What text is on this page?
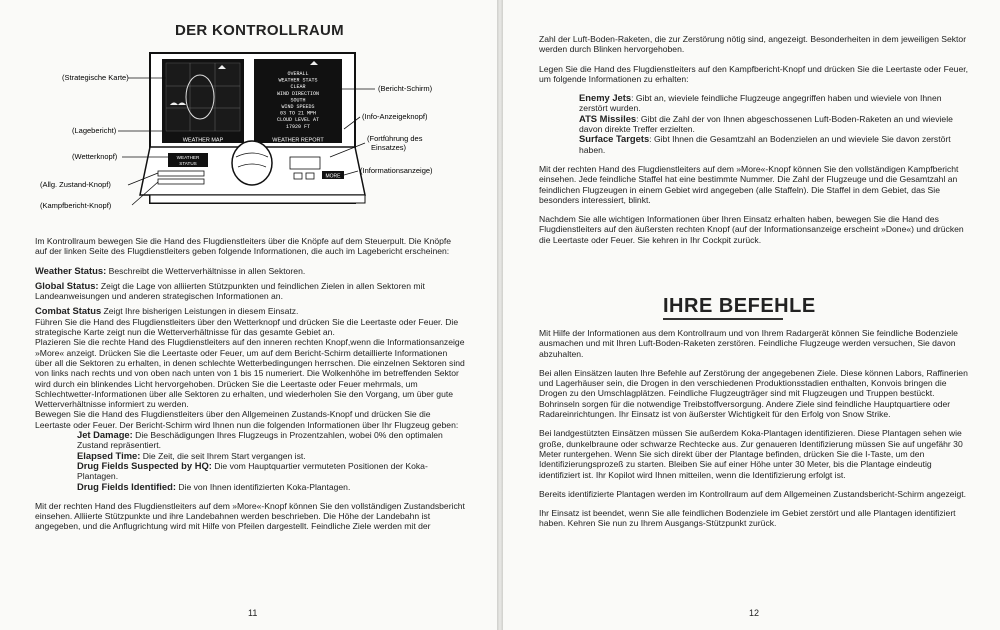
DER KONTROLLRAUM
WEATHER MAP
OVERALL
WEATHER STATS
CLEAR
WIND DIRECTION
SOUTH
WIND SPEEDS
03 TO 21 MPH
CLOUD LEVEL AT
17920 FT
WEATHER REPORT
WEATHER
STATUS
MORE
(Strategische Karte)
(Lagebericht)
(Wetterknopf)
(Allg. Zustand-Knopf)
(Kampfbericht-Knopf)
(Bericht-Schirm)
(Info-Anzeigeknopf)
(Fortführung des
Einsatzes)
(Informationsanzeige)

Im Kontrollraum bewegen Sie die Hand des Flugdienstleiters über die Knöpfe auf dem Steuerpult. Die Knöpfe auf der linken Seite des Flugdienstleiters geben folgende Informationen, die auch im Lagebericht erscheinen:

Weather Status: Beschreibt die Wetterverhältnisse in allen Sektoren.

Global Status: Zeigt die Lage von alliierten Stützpunkten und feindlichen Zielen in allen Sektoren mit Landeanweisungen und anderen strategischen Informationen an.

Combat Status Zeigt Ihre bisherigen Leistungen in diesem Einsatz.

Führen Sie die Hand des Flugdienstleiters über den Wetterknopf und drücken Sie die Leertaste oder Feuer. Die strategische Karte zeigt nun die Wetterverhältnisse für das gesamte Gebiet an.

Plazieren Sie die rechte Hand des Flugdienstleiters auf den inneren rechten Knopf,wenn die Informationsanzeige »More« anzeigt. Drücken Sie die Leertaste oder Feuer, um auf dem Bericht-Schirm detaillierte Informationen über all die Sektoren zu erhalten, in denen schlechte Wetterbedingungen herrschen. Die einzelnen Sektoren sind von links nach rechts und von oben nach unten von 1 bis 15 numeriert. Die Wolkenhöhe im betreffenden Sektor wird durch ein blinkendes Licht hervorgehoben. Drücken Sie die Leertaste oder Feuer mehrmals, um Schlechtwetter-Informationen über alle Sektoren zu erhalten, und wiederholen Sie den Vorgang, um über gute Wetterverhältnisse informiert zu werden.

Bewegen Sie die Hand des Flugdienstleiters über den Allgemeinen Zustands-Knopf und drücken Sie die Leertaste oder Feuer. Der Bericht-Schirm wird Ihnen nun die folgenden Informationen über Ihr Flugzeug geben:

Jet Damage: Die Beschädigungen Ihres Flugzeugs in Prozentzahlen, wobei 0% den optimalen Zustand repräsentiert.

Elapsed Time: Die Zeit, die seit Ihrem Start vergangen ist.

Drug Fields Suspected by HQ: Die vom Hauptquartier vermuteten Positionen der Koka-Plantagen.

Drug Fields Identified: Die von Ihnen identifizierten Koka-Plantagen.

Mit der rechten Hand des Flugdienstleiters auf dem »More«-Knopf können Sie den vollständigen Zustandsbericht einsehen. Alliierte Stützpunkte und ihre Landebahnen werden beschrieben. Die Höhe der Landebahn ist angegeben, und die Anflugrichtung wird mit Hilfe von Pfeilen dargestellt. Feindliche Ziele werden mit der

11

Zahl der Luft-Boden-Raketen, die zur Zerstörung nötig sind, angezeigt. Besonderheiten in dem jeweiligen Sektor werden durch Blinken hervorgehoben.

Legen Sie die Hand des Flugdienstleiters auf den Kampfbericht-Knopf und drücken Sie die Leertaste oder Feuer, um folgende Informationen zu erhalten:

Enemy Jets: Gibt an, wieviele feindliche Flugzeuge angegriffen haben und wieviele von Ihnen zerstört wurden.

ATS Missiles: Gibt die Zahl der von Ihnen abgeschossenen Luft-Boden-Raketen an und wieviele davon direkte Treffer erzielten.

Surface Targets: Gibt Ihnen die Gesamtzahl an Bodenzielen an und wieviele Sie davon zerstört haben.

Mit der rechten Hand des Flugdienstleiters auf dem »More«-Knopf können Sie den vollständigen Kampfbericht einsehen. Jede feindliche Staffel hat eine bestimmte Nummer. Die Zahl der Flugzeuge und die Gesamtzahl an feindlichen Flugzeugen in einem Gebiet wird angegeben (alle Staffeln). Die Staffel in dem Gebiet, das Sie besonders interessiert, blinkt.

Nachdem Sie alle wichtigen Informationen über Ihren Einsatz erhalten haben, bewegen Sie die Hand des Flugdienstleiters auf den äußersten rechten Knopf (auf der Informationsanzeige erscheint »Done«) und drücken die Leertaste oder Feuer. Sie kehren in Ihr Cockpit zurück.

IHRE BEFEHLE

Mit Hilfe der Informationen aus dem Kontrollraum und von Ihrem Radargerät können Sie feindliche Bodenziele ausmachen und mit Ihren Luft-Boden-Raketen zerstören. Feindliche Flugzeuge werden versuchen, Sie davon abzuhalten.

Bei allen Einsätzen lauten Ihre Befehle auf Zerstörung der angegebenen Ziele. Diese können Labors, Raffinerien und Lagerhäuser sein, die Drogen in den verschiedenen Produktionsstadien enthalten, Konvois bringen die Drogen zu den Umschlagplätzen. Feindliche Flugzeugträger sind mit Flugzeugen und Truppen bestückt. Bohrinseln sorgen für die notwendige Treibstoffversorgung. Andere Ziele sind feindliche Hauptquartiere oder Radareinrichtungen. Ihr Einsatz ist von äußerster Wichtigkeit für den Erfolg von Snow Strike.

Bei landgestützten Einsätzen müssen Sie außerdem Koka-Plantagen identifizieren. Diese Plantagen sehen wie große, dunkelbraune oder schwarze Rechtecke aus. Zur genaueren Identifizierung müssen Sie auf ungefähr 30 Meter runtergehen. Wenn Sie sich direkt über der Plantage befinden, drücken Sie die I-Taste, um den Identifizierungsprozeß zu starten. Bleiben Sie auf einer Höhe unter 30 Meter, bis die Plantage eindeutig identifiziert ist. Ihr Kopilot wird Ihnen mitteilen, wenn die Identifizierung erfolgt ist.

Bereits identifizierte Plantagen werden im Kontrollraum auf dem Allgemeinen Zustandsbericht-Schirm angezeigt.

Ihr Einsatz ist beendet, wenn Sie alle feindlichen Bodenziele im Gebiet zerstört und alle Plantagen identifiziert haben. Kehren Sie nun zu Ihrem Ausgangs-Stützpunkt zurück.

12
